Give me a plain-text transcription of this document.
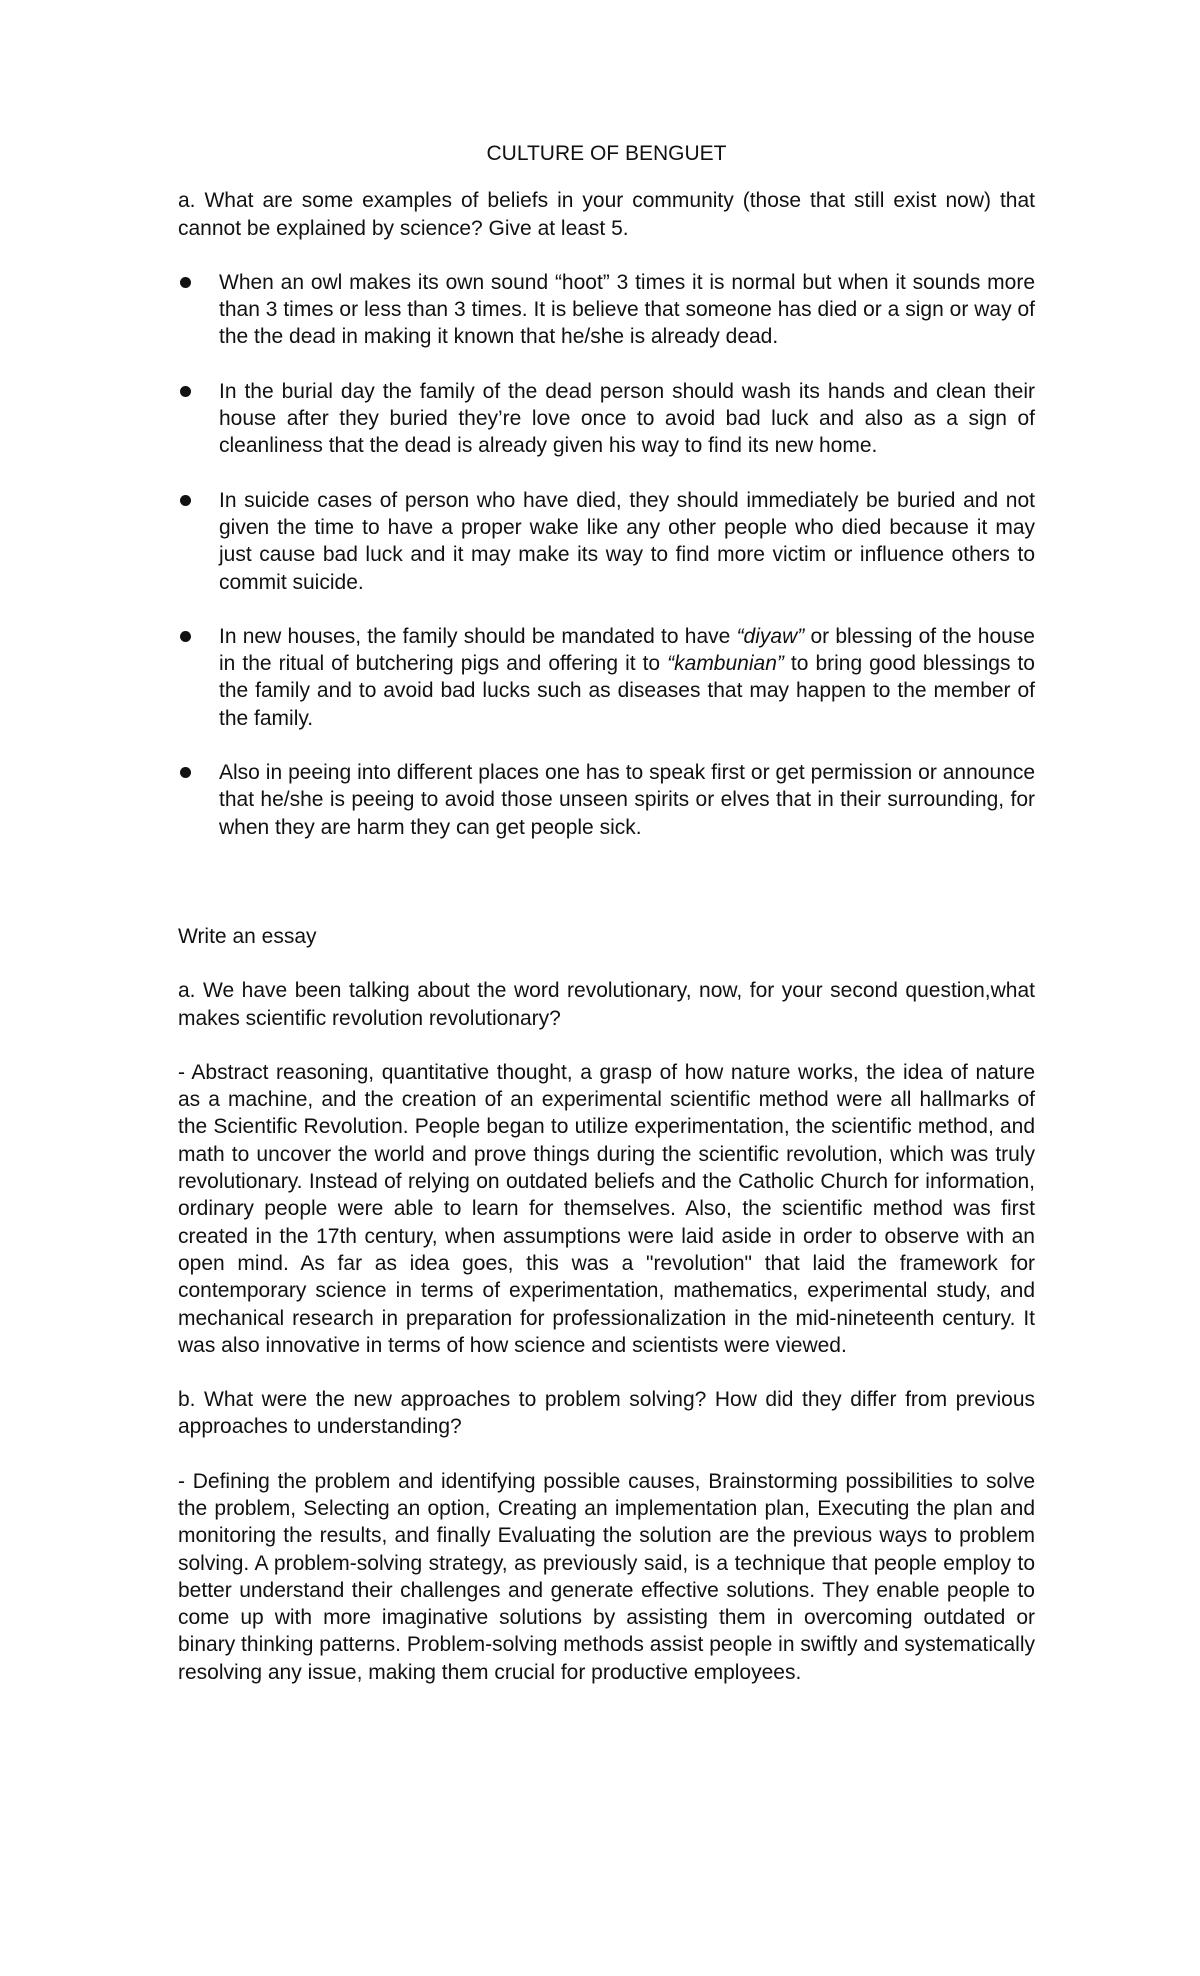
CULTURE OF BENGUET

a. What are some examples of beliefs in your community (those that still exist now) that cannot be explained by science? Give at least 5.

When an owl makes its own sound “hoot” 3 times it is normal but when it sounds more than 3 times or less than 3 times. It is believe that someone has died or a sign or way of the the dead in making it known that he/she is already dead.
In the burial day the family of the dead person should wash its hands and clean their house after they buried they’re love once to avoid bad luck and also as a sign of cleanliness that the dead is already given his way to find its new home.
In suicide cases of person who have died, they should immediately be buried and not given the time to have a proper wake like any other people who died because it may just cause bad luck and it may make its way to find more victim or influence others to commit suicide.
In new houses, the family should be mandated to have “diyaw” or blessing of the house in the ritual of butchering pigs and offering it to “kambunian” to bring good blessings to the family and to avoid bad lucks such as diseases that may happen to the member of the family.
Also in peeing into different places one has to speak first or get permission or announce that he/she is peeing to avoid those unseen spirits or elves that in their surrounding, for when they are harm they can get people sick.

Write an essay

a. We have been talking about the word revolutionary, now, for your second question,what makes scientific revolution revolutionary?

- Abstract reasoning, quantitative thought, a grasp of how nature works, the idea of nature as a machine, and the creation of an experimental scientific method were all hallmarks of the Scientific Revolution. People began to utilize experimentation, the scientific method, and math to uncover the world and prove things during the scientific revolution, which was truly revolutionary. Instead of relying on outdated beliefs and the Catholic Church for information, ordinary people were able to learn for themselves. Also, the scientific method was first created in the 17th century, when assumptions were laid aside in order to observe with an open mind. As far as idea goes, this was a "revolution" that laid the framework for contemporary science in terms of experimentation, mathematics, experimental study, and mechanical research in preparation for professionalization in the mid-nineteenth century. It was also innovative in terms of how science and scientists were viewed.

b. What were the new approaches to problem solving? How did they differ from previous approaches to understanding?

- Defining the problem and identifying possible causes, Brainstorming possibilities to solve the problem, Selecting an option, Creating an implementation plan, Executing the plan and monitoring the results, and finally Evaluating the solution are the previous ways to problem solving. A problem-solving strategy, as previously said, is a technique that people employ to better understand their challenges and generate effective solutions. They enable people to come up with more imaginative solutions by assisting them in overcoming outdated or binary thinking patterns. Problem-solving methods assist people in swiftly and systematically resolving any issue, making them crucial for productive employees.
